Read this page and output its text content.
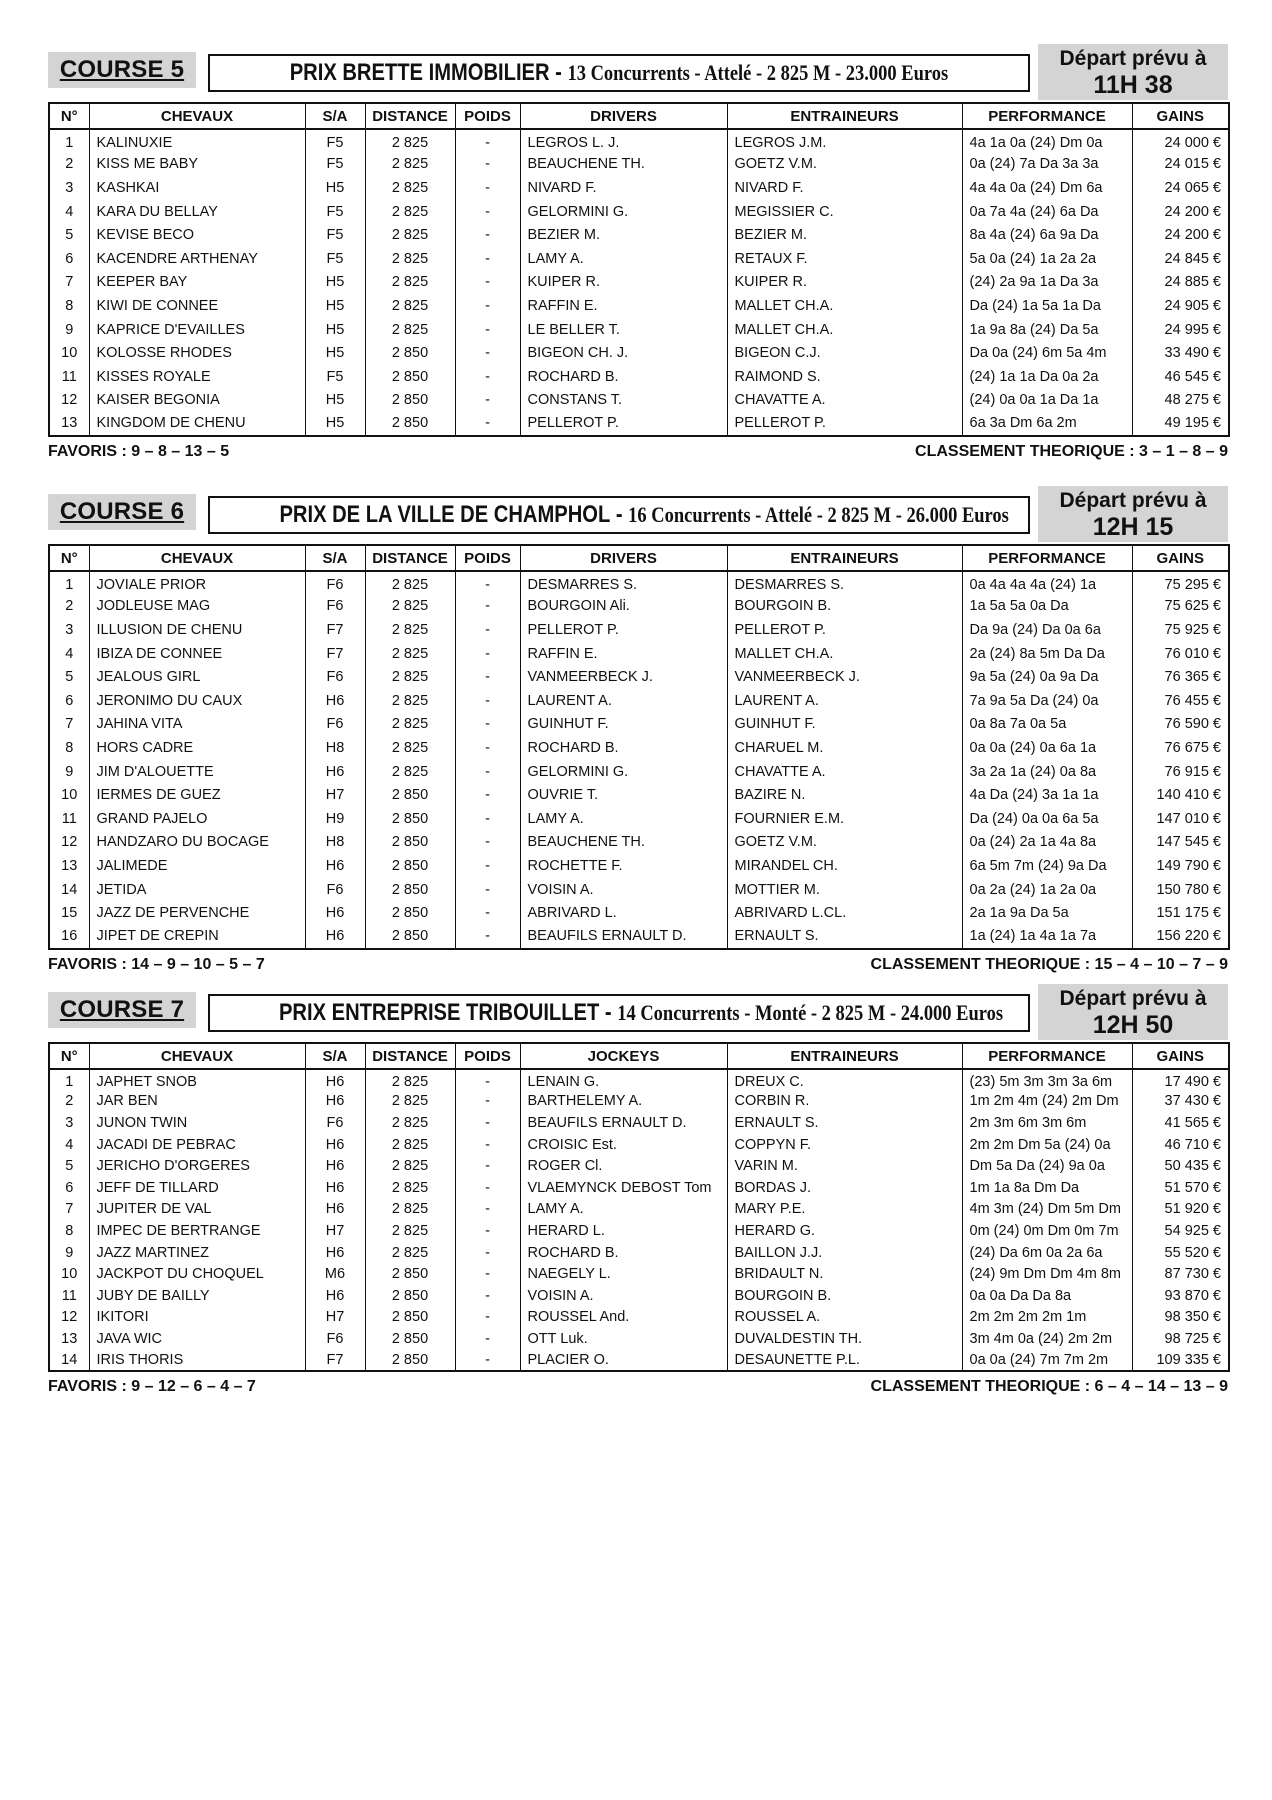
COURSE 5	PRIX BRETTE IMMOBILIER - 13 Concurrents - Attelé - 2 825 M - 23.000 Euros
Départ prévu à
11H 38
N°	CHEVAUX	S/A	DISTANCE	POIDS	DRIVERS	ENTRAINEURS	PERFORMANCE	GAINS
1	KALINUXIE	F5	2 825	-	LEGROS L. J.	LEGROS J.M.	4a 1a 0a (24) Dm 0a	24 000 €
2	KISS ME BABY	F5	2 825	-	BEAUCHENE TH.	GOETZ V.M.	0a (24) 7a Da 3a 3a	24 015 €
3	KASHKAI	H5	2 825	-	NIVARD F.	NIVARD F.	4a 4a 0a (24) Dm 6a	24 065 €
4	KARA DU BELLAY	F5	2 825	-	GELORMINI G.	MEGISSIER C.	0a 7a 4a (24) 6a Da	24 200 €
5	KEVISE BECO	F5	2 825	-	BEZIER M.	BEZIER M.	8a 4a (24) 6a 9a Da	24 200 €
6	KACENDRE ARTHENAY	F5	2 825	-	LAMY A.	RETAUX F.	5a 0a (24) 1a 2a 2a	24 845 €
7	KEEPER BAY	H5	2 825	-	KUIPER R.	KUIPER R.	(24) 2a 9a 1a Da 3a	24 885 €
8	KIWI DE CONNEE	H5	2 825	-	RAFFIN E.	MALLET CH.A.	Da (24) 1a 5a 1a Da	24 905 €
9	KAPRICE D'EVAILLES	H5	2 825	-	LE BELLER T.	MALLET CH.A.	1a 9a 8a (24) Da 5a	24 995 €
10	KOLOSSE RHODES	H5	2 850	-	BIGEON CH. J.	BIGEON C.J.	Da 0a (24) 6m 5a 4m	33 490 €
11	KISSES ROYALE	F5	2 850	-	ROCHARD B.	RAIMOND S.	(24) 1a 1a Da 0a 2a	46 545 €
12	KAISER BEGONIA	H5	2 850	-	CONSTANS T.	CHAVATTE A.	(24) 0a 0a 1a Da 1a	48 275 €
13	KINGDOM DE CHENU	H5	2 850	-	PELLEROT P.	PELLEROT P.	6a 3a Dm 6a 2m	49 195 €
FAVORIS : 9 – 8 – 13 – 5	CLASSEMENT THEORIQUE : 3 – 1 – 8 – 9
COURSE 6	PRIX DE LA VILLE DE CHAMPHOL - 16 Concurrents - Attelé - 2 825 M - 26.000 Euros
Départ prévu à
12H 15
N°	CHEVAUX	S/A	DISTANCE	POIDS	DRIVERS	ENTRAINEURS	PERFORMANCE	GAINS
1	JOVIALE PRIOR	F6	2 825	-	DESMARRES S.	DESMARRES S.	0a 4a 4a 4a (24) 1a	75 295 €
2	JODLEUSE MAG	F6	2 825	-	BOURGOIN Ali.	BOURGOIN B.	1a 5a 5a 0a Da	75 625 €
3	ILLUSION DE CHENU	F7	2 825	-	PELLEROT P.	PELLEROT P.	Da 9a (24) Da 0a 6a	75 925 €
4	IBIZA DE CONNEE	F7	2 825	-	RAFFIN E.	MALLET CH.A.	2a (24) 8a 5m Da Da	76 010 €
5	JEALOUS GIRL	F6	2 825	-	VANMEERBECK J.	VANMEERBECK J.	9a 5a (24) 0a 9a Da	76 365 €
6	JERONIMO DU CAUX	H6	2 825	-	LAURENT A.	LAURENT A.	7a 9a 5a Da (24) 0a	76 455 €
7	JAHINA VITA	F6	2 825	-	GUINHUT F.	GUINHUT F.	0a 8a 7a 0a 5a	76 590 €
8	HORS CADRE	H8	2 825	-	ROCHARD B.	CHARUEL M.	0a 0a (24) 0a 6a 1a	76 675 €
9	JIM D'ALOUETTE	H6	2 825	-	GELORMINI G.	CHAVATTE A.	3a 2a 1a (24) 0a 8a	76 915 €
10	IERMES DE GUEZ	H7	2 850	-	OUVRIE T.	BAZIRE N.	4a Da (24) 3a 1a 1a	140 410 €
11	GRAND PAJELO	H9	2 850	-	LAMY A.	FOURNIER E.M.	Da (24) 0a 0a 6a 5a	147 010 €
12	HANDZARO DU BOCAGE	H8	2 850	-	BEAUCHENE TH.	GOETZ V.M.	0a (24) 2a 1a 4a 8a	147 545 €
13	JALIMEDE	H6	2 850	-	ROCHETTE F.	MIRANDEL CH.	6a 5m 7m (24) 9a Da	149 790 €
14	JETIDA	F6	2 850	-	VOISIN A.	MOTTIER M.	0a 2a (24) 1a 2a 0a	150 780 €
15	JAZZ DE PERVENCHE	H6	2 850	-	ABRIVARD L.	ABRIVARD L.CL.	2a 1a 9a Da 5a	151 175 €
16	JIPET DE CREPIN	H6	2 850	-	BEAUFILS ERNAULT D.	ERNAULT S.	1a (24) 1a 4a 1a 7a	156 220 €
FAVORIS : 14 – 9 – 10 – 5 – 7	CLASSEMENT THEORIQUE : 15 – 4 – 10 – 7 – 9
COURSE 7	PRIX ENTREPRISE TRIBOUILLET - 14 Concurrents - Monté - 2 825 M - 24.000 Euros
Départ prévu à
12H 50
N°	CHEVAUX	S/A	DISTANCE	POIDS	JOCKEYS	ENTRAINEURS	PERFORMANCE	GAINS
1	JAPHET SNOB	H6	2 825	-	LENAIN G.	DREUX C.	(23) 5m 3m 3m 3a 6m	17 490 €
2	JAR BEN	H6	2 825	-	BARTHELEMY A.	CORBIN R.	1m 2m 4m (24) 2m Dm	37 430 €
3	JUNON TWIN	F6	2 825	-	BEAUFILS ERNAULT D.	ERNAULT S.	2m 3m 6m 3m 6m	41 565 €
4	JACADI DE PEBRAC	H6	2 825	-	CROISIC Est.	COPPYN F.	2m 2m Dm 5a (24) 0a	46 710 €
5	JERICHO D'ORGERES	H6	2 825	-	ROGER Cl.	VARIN M.	Dm 5a Da (24) 9a 0a	50 435 €
6	JEFF DE TILLARD	H6	2 825	-	VLAEMYNCK DEBOST Tom	BORDAS J.	1m 1a 8a Dm Da	51 570 €
7	JUPITER DE VAL	H6	2 825	-	LAMY A.	MARY P.E.	4m 3m (24) Dm 5m Dm	51 920 €
8	IMPEC DE BERTRANGE	H7	2 825	-	HERARD L.	HERARD G.	0m (24) 0m Dm 0m 7m	54 925 €
9	JAZZ MARTINEZ	H6	2 825	-	ROCHARD B.	BAILLON J.J.	(24) Da 6m 0a 2a 6a	55 520 €
10	JACKPOT DU CHOQUEL	M6	2 850	-	NAEGELY L.	BRIDAULT N.	(24) 9m Dm Dm 4m 8m	87 730 €
11	JUBY DE BAILLY	H6	2 850	-	VOISIN A.	BOURGOIN B.	0a 0a Da Da 8a	93 870 €
12	IKITORI	H7	2 850	-	ROUSSEL And.	ROUSSEL A.	2m 2m 2m 2m 1m	98 350 €
13	JAVA WIC	F6	2 850	-	OTT Luk.	DUVALDESTIN TH.	3m 4m 0a (24) 2m 2m	98 725 €
14	IRIS THORIS	F7	2 850	-	PLACIER O.	DESAUNETTE P.L.	0a 0a (24) 7m 7m 2m	109 335 €
FAVORIS : 9 – 12 – 6 – 4 – 7	CLASSEMENT THEORIQUE : 6 – 4 – 14 – 13 – 9
